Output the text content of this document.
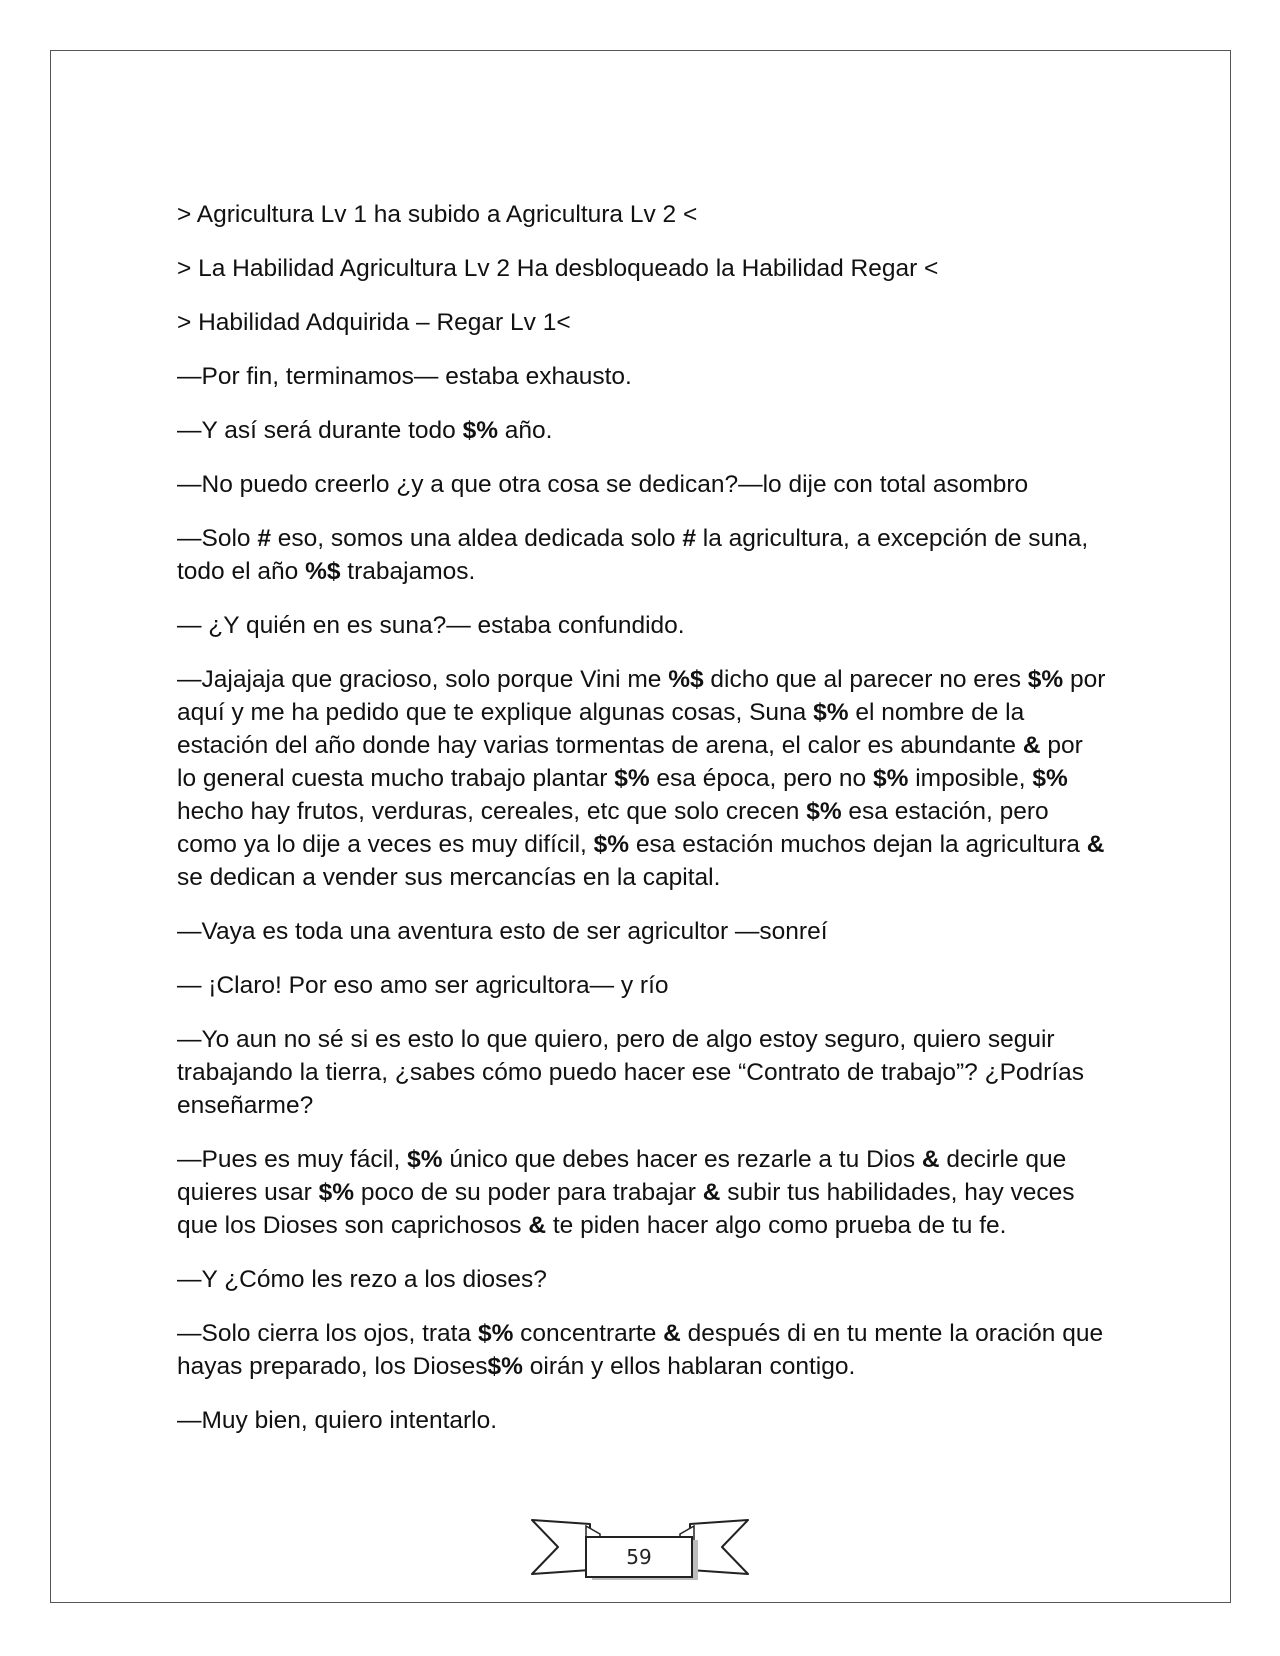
> Agricultura Lv 1 ha subido a Agricultura Lv 2 <

> La Habilidad Agricultura Lv 2 Ha desbloqueado la Habilidad Regar <

> Habilidad Adquirida – Regar Lv 1<

—Por fin, terminamos— estaba exhausto.

—Y así será durante todo $% año.

—No puedo creerlo ¿y a que otra cosa se dedican?—lo dije con total asombro

—Solo # eso, somos una aldea dedicada solo # la agricultura, a excepción de suna, todo el año %$ trabajamos.

— ¿Y quién en es suna?— estaba confundido.

—Jajajaja que gracioso, solo porque Vini me %$ dicho que al parecer no eres $% por aquí y me ha pedido que te explique algunas cosas, Suna $% el nombre de la estación del año donde hay varias tormentas de arena, el calor es abundante & por lo general cuesta mucho trabajo plantar $% esa época, pero no $% imposible, $% hecho hay frutos, verduras, cereales, etc que solo crecen $% esa estación, pero como ya lo dije a veces es muy difícil, $% esa estación muchos dejan la agricultura & se dedican a vender sus mercancías en la capital.

—Vaya es toda una aventura esto de ser agricultor —sonreí

— ¡Claro! Por eso amo ser agricultora— y río

—Yo aun no sé si es esto lo que quiero, pero de algo estoy seguro, quiero seguir trabajando la tierra, ¿sabes cómo puedo hacer ese “Contrato de trabajo”? ¿Podrías enseñarme?

—Pues es muy fácil, $% único que debes hacer es rezarle a tu Dios & decirle que quieres usar $% poco de su poder para trabajar & subir tus habilidades, hay veces que los Dioses son caprichosos & te piden hacer algo como prueba de tu fe.

—Y ¿Cómo les rezo a los dioses?

—Solo cierra los ojos, trata $% concentrarte & después di en tu mente la oración que hayas preparado, los Dioses$% oirán y ellos hablaran contigo.

—Muy bien, quiero intentarlo.

59
